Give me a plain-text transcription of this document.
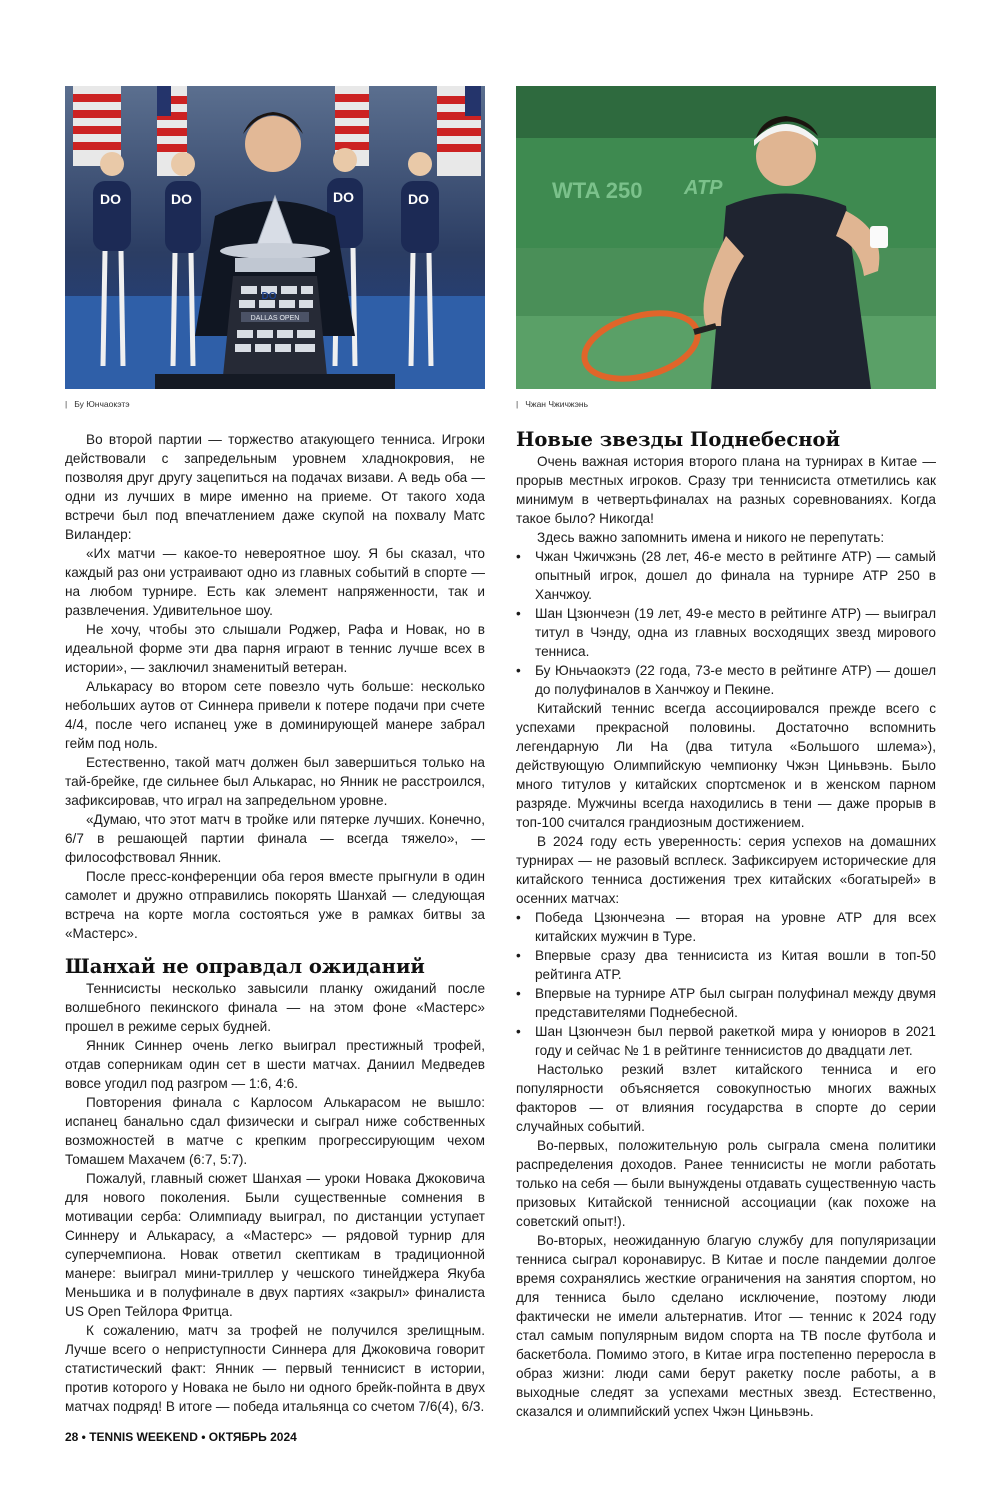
DO	DO	DO	DO
DALLAS OPEN
DO
| Бу Юнчаокэтэ
WTA 250 ATP
| Чжан Чжичжэнь

Во второй партии — торжество атакующего тенниса. Игроки действовали с запредельным уровнем хладнокровия, не позволяя друг другу зацепиться на подачах визави. А ведь оба — одни из лучших в мире именно на приеме. От такого хода встречи был под впечатлением даже скупой на похвалу Матс Виландер:

«Их матчи — какое-то невероятное шоу. Я бы сказал, что каждый раз они устраивают одно из главных событий в спорте — на любом турнире. Есть как элемент напряженности, так и развлечения. Удивительное шоу.

Не хочу, чтобы это слышали Роджер, Рафа и Новак, но в идеальной форме эти два парня играют в теннис лучше всех в истории», — заключил знаменитый ветеран.

Алькарасу во втором сете повезло чуть больше: несколько небольших аутов от Синнера привели к потере подачи при счете 4/4, после чего испанец уже в доминирующей манере забрал гейм под ноль.

Естественно, такой матч должен был завершиться только на тай-брейке, где сильнее был Алькарас, но Янник не расстроился, зафиксировав, что играл на запредельном уровне.

«Думаю, что этот матч в тройке или пятерке лучших. Конечно, 6/7 в решающей партии финала — всегда тяжело», — философствовал Янник.

После пресс-конференции оба героя вместе прыгнули в один самолет и дружно отправились покорять Шанхай — следующая встреча на корте могла состояться уже в рамках битвы за «Мастерс».

Шанхай не оправдал ожиданий

Теннисисты несколько завысили планку ожиданий после волшебного пекинского финала — на этом фоне «Мастерс» прошел в режиме серых будней.

Янник Синнер очень легко выиграл престижный трофей, отдав соперникам один сет в шести матчах. Даниил Медведев вовсе угодил под разгром — 1:6, 4:6.

Повторения финала с Карлосом Алькарасом не вышло: испанец банально сдал физически и сыграл ниже собственных возможностей в матче с крепким прогрессирующим чехом Томашем Махачем (6:7, 5:7).

Пожалуй, главный сюжет Шанхая — уроки Новака Джоковича для нового поколения. Были существенные сомнения в мотивации серба: Олимпиаду выиграл, по дистанции уступает Синнеру и Алькарасу, а «Мастерс» — рядовой турнир для суперчемпиона. Новак ответил скептикам в традиционной манере: выиграл мини-триллер у чешского тинейджера Якуба Меньшика и в полуфинале в двух партиях «закрыл» финалиста US Open Тейлора Фритца.

К сожалению, матч за трофей не получился зрелищным. Лучше всего о неприступности Синнера для Джоковича говорит статистический факт: Янник — первый теннисист в истории, против которого у Новака не было ни одного брейк-пойнта в двух матчах подряд! В итоге — победа итальянца со счетом 7/6(4), 6/3.

Новые звезды Поднебесной

Очень важная история второго плана на турнирах в Китае — прорыв местных игроков. Сразу три теннисиста отметились как минимум в четвертьфиналах на разных соревнованиях. Когда такое было? Никогда!

Здесь важно запомнить имена и никого не перепутать:

• Чжан Чжичжэнь (28 лет, 46-е место в рейтинге АТР) — самый опытный игрок, дошел до финала на турнире АТР 250 в Ханчжоу.
• Шан Цзюнчеэн (19 лет, 49-е место в рейтинге АТР) — выиграл титул в Чэнду, одна из главных восходящих звезд мирового тенниса.
• Бу Юньчаокэтэ (22 года, 73-е место в рейтинге АТР) — дошел до полуфиналов в Ханчжоу и Пекине.

Китайский теннис всегда ассоциировался прежде всего с успехами прекрасной половины. Достаточно вспомнить легендарную Ли На (два титула «Большого шлема»), действующую Олимпийскую чемпионку Чжэн Циньвэнь. Было много титулов у китайских спортсменок и в женском парном разряде. Мужчины всегда находились в тени — даже прорыв в топ-100 считался грандиозным достижением.

В 2024 году есть уверенность: серия успехов на домашних турнирах — не разовый всплеск. Зафиксируем исторические для китайского тенниса достижения трех китайских «богатырей» в осенних матчах:

• Победа Цзюнчеэна — вторая на уровне АТР для всех китайских мужчин в Туре.
• Впервые сразу два теннисиста из Китая вошли в топ-50 рейтинга АТР.
• Впервые на турнире АТР был сыгран полуфинал между двумя представителями Поднебесной.
• Шан Цзюнчеэн был первой ракеткой мира у юниоров в 2021 году и сейчас № 1 в рейтинге теннисистов до двадцати лет.

Настолько резкий взлет китайского тенниса и его популярности объясняется совокупностью многих важных факторов — от влияния государства в спорте до серии случайных событий.

Во-первых, положительную роль сыграла смена политики распределения доходов. Ранее теннисисты не могли работать только на себя — были вынуждены отдавать существенную часть призовых Китайской теннисной ассоциации (как похоже на советский опыт!).

Во-вторых, неожиданную благую службу для популяризации тенниса сыграл коронавирус. В Китае и после пандемии долгое время сохранялись жесткие ограничения на занятия спортом, но для тенниса было сделано исключение, поэтому люди фактически не имели альтернатив. Итог — теннис к 2024 году стал самым популярным видом спорта на ТВ после футбола и баскетбола. Помимо этого, в Китае игра постепенно переросла в образ жизни: люди сами берут ракетку после работы, а в выходные следят за успехами местных звезд. Естественно, сказался и олимпийский успех Чжэн Циньвэнь.

28 • TENNIS WEEKEND • ОКТЯБРЬ 2024
